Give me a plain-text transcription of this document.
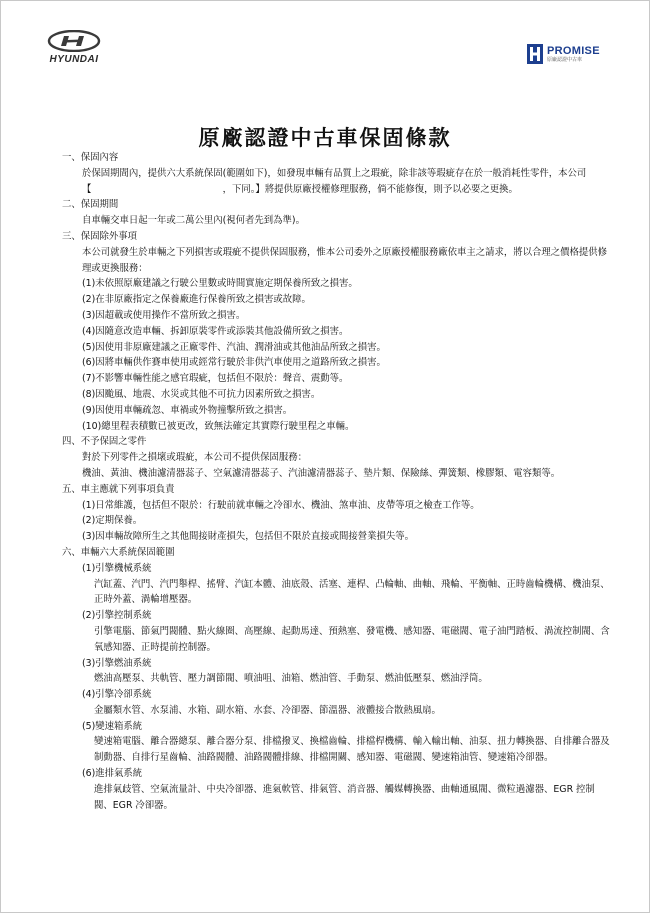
HYUNDAI
PROMISE
原廠認證中古車
原廠認證中古車保固條款
一、保固內容
於保固期間內，提供六大系統保固(範圍如下)，如發現車輛有品質上之瑕疵，除非該等瑕疵存在於一般消耗性零件，本公司【　　　　　　　　　　　　　　，下同。】將提供原廠授權修理服務，倘不能修復，則予以必要之更換。
二、保固期間
自車輛交車日起一年或二萬公里內(視何者先到為準)。
三、保固除外事項
本公司就發生於車輛之下列損害或瑕疵不提供保固服務，惟本公司委外之原廠授權服務廠依車主之請求，將以合理之價格提供修理或更換服務：
(1)未依照原廠建議之行駛公里數或時間實施定期保養所致之損害。
(2)在非原廠指定之保養廠進行保養所致之損害或故障。
(3)因超載或使用操作不當所致之損害。
(4)因隨意改造車輛、拆卸原裝零件或添裝其他設備所致之損害。
(5)因使用非原廠建議之正廠零件、汽油、潤滑油或其他油品所致之損害。
(6)因將車輛供作賽車使用或經常行駛於非供汽車使用之道路所致之損害。
(7)不影響車輛性能之感官瑕疵，包括但不限於：聲音、震動等。
(8)因颱風、地震、水災或其他不可抗力因素所致之損害。
(9)因使用車輛疏忽、車禍或外物撞擊所致之損害。
(10)總里程表積數已被更改，致無法確定其實際行駛里程之車輛。
四、不予保固之零件
對於下列零件之損壞或瑕疵，本公司不提供保固服務：
機油、黃油、機油濾清器蕊子、空氣濾清器蕊子、汽油濾清器蕊子、墊片類、保險絲、彈簧類、橡膠類、電容類等。
五、車主應就下列事項負責
(1)日常維護，包括但不限於：行駛前就車輛之冷卻水、機油、煞車油、皮帶等項之檢查工作等。
(2)定期保養。
(3)因車輛故障所生之其他間接財產損失，包括但不限於直接或間接營業損失等。
六、車輛六大系統保固範圍
(1)引擎機械系統
汽缸蓋、汽門、汽門舉桿、搖臂、汽缸本體、油底殼、活塞、連桿、凸輪軸、曲軸、飛輪、平衡軸、正時齒輪機構、機油泵、正時外蓋、渦輪增壓器。
(2)引擎控制系統
引擎電腦、節氣門閥體、點火線圈、高壓線、起動馬達、預熱塞、發電機、感知器、電磁閥、電子油門踏板、渦流控制閥、含氧感知器、正時提前控制器。
(3)引擎燃油系統
燃油高壓泵、共軌管、壓力調節閥、噴油咀、油箱、燃油管、手動泵、燃油低壓泵、燃油浮筒。
(4)引擎冷卻系統
金屬類水管、水泵浦、水箱、副水箱、水套、冷卻器、節溫器、液體接合散熱風扇。
(5)變速箱系統
變速箱電腦、離合器總泵、離合器分泵、排檔撥叉、換檔齒輪、排檔桿機構、輸入輸出軸、油泵、扭力轉換器、自排離合器及制動器、自排行星齒輪、油路閥體、油路閥體排線、排檔開關、感知器、電磁閥、變速箱油管、變速箱冷卻器。
(6)進排氣系統
進排氣歧管、空氣流量計、中央冷卻器、進氣軟管、排氣管、消音器、觸媒轉換器、曲軸通風閥、微粒過濾器、EGR 控制閥、EGR 冷卻器。
